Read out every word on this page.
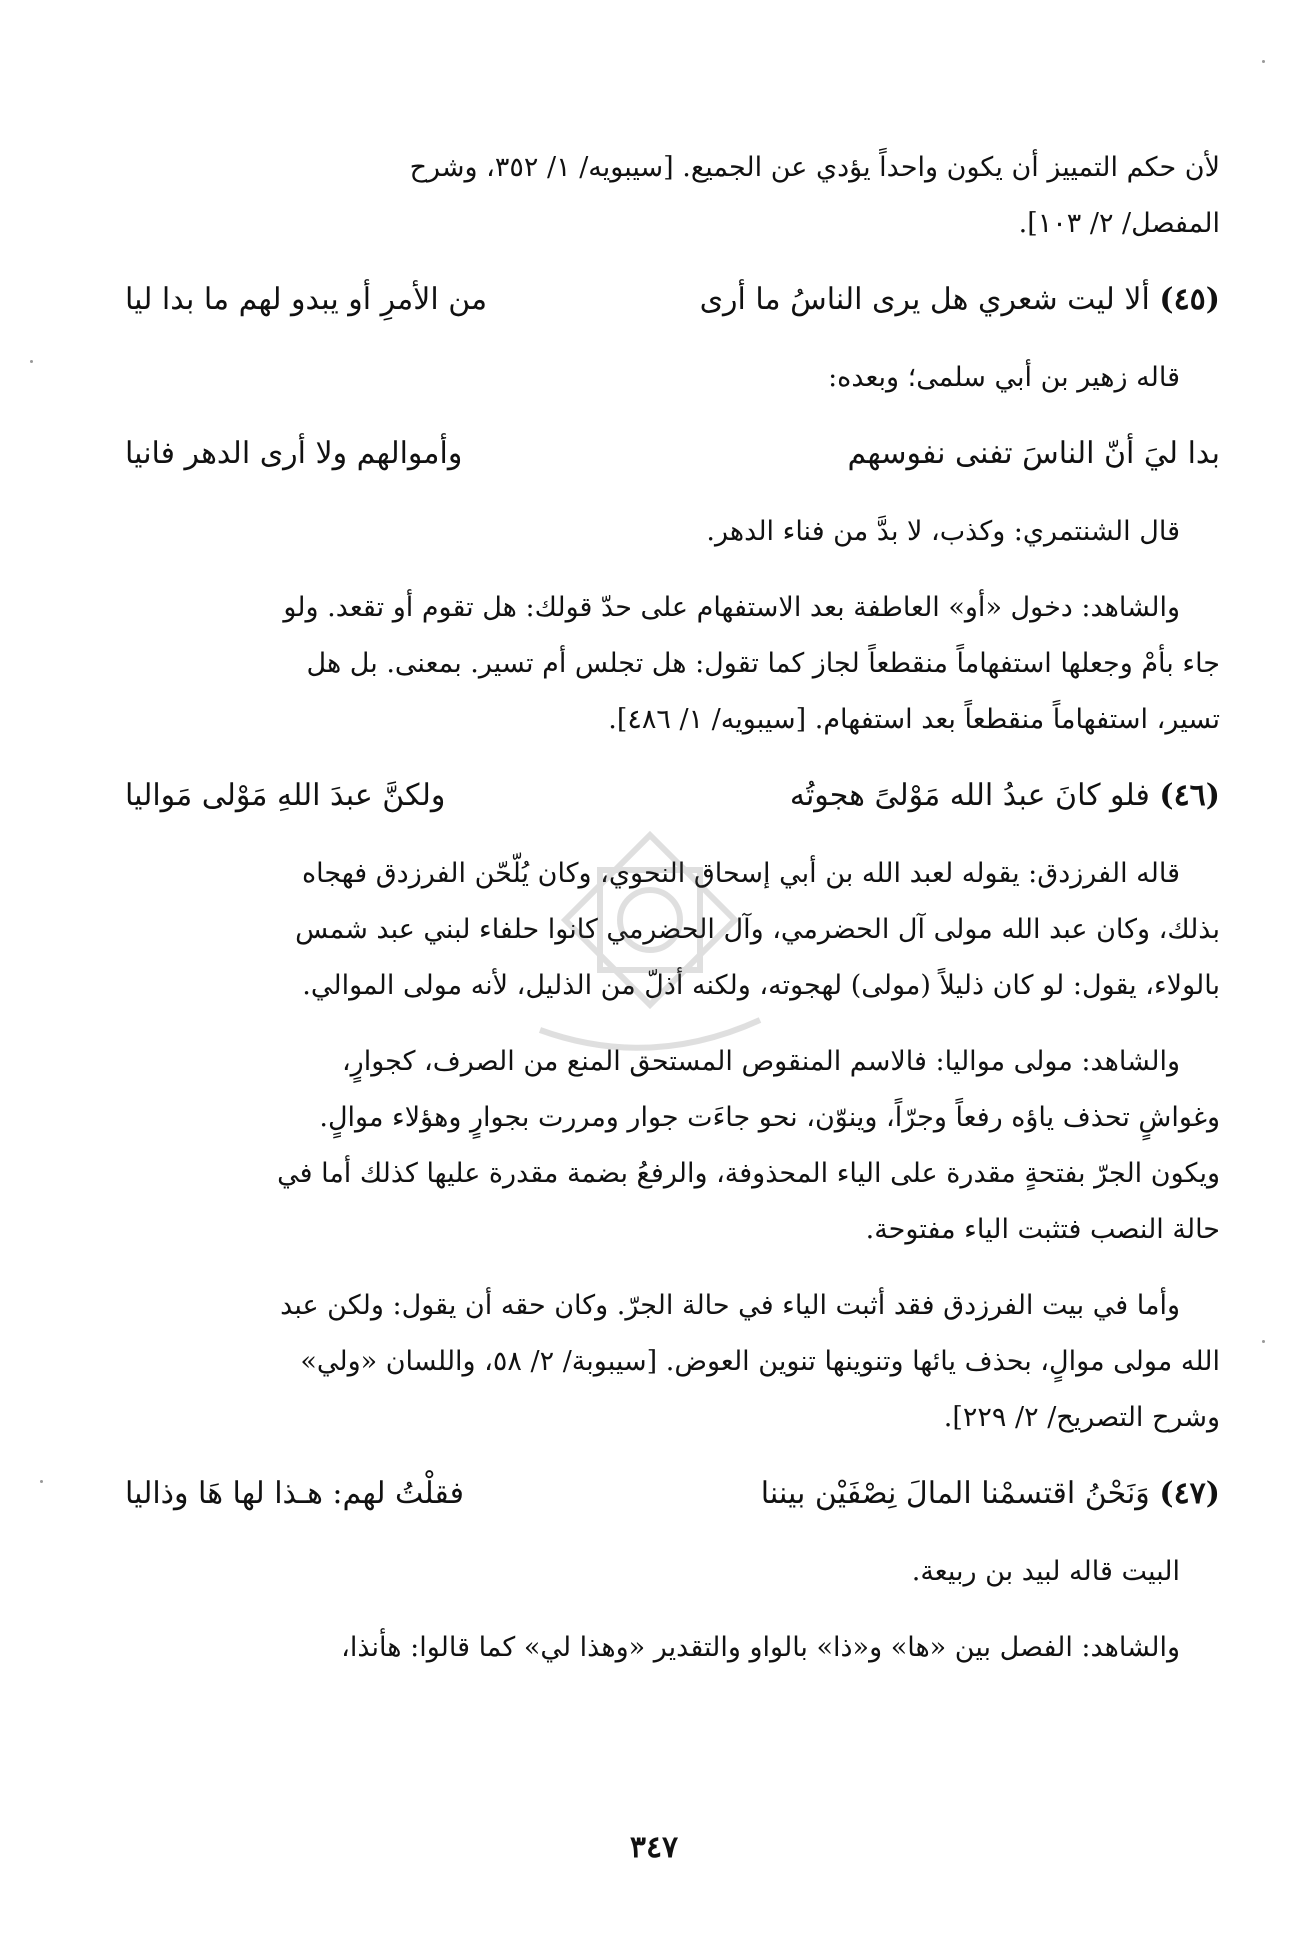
لأن حكم التمييز أن يكون واحداً يؤدي عن الجميع. [سيبويه/ ١/ ٣٥٢، وشرح
المفصل/ ٢/ ١٠٣].
(٤٥) ألا ليت شعري هل يرى الناسُ ما أرى
من الأمرِ أو يبدو لهم ما بدا ليا
قاله زهير بن أبي سلمى؛ وبعده:
بدا ليَ أنّ الناسَ تفنى نفوسهم
وأموالهم ولا أرى الدهر فانيا
قال الشنتمري: وكذب، لا بدَّ من فناء الدهر.
والشاهد: دخول «أو» العاطفة بعد الاستفهام على حدّ قولك: هل تقوم أو تقعد. ولو
جاء بأمْ وجعلها استفهاماً منقطعاً لجاز كما تقول: هل تجلس أم تسير. بمعنى. بل هل
تسير، استفهاماً منقطعاً بعد استفهام. [سيبويه/ ١/ ٤٨٦].
(٤٦) فلو كانَ عبدُ الله مَوْلىً هجوتُه
ولكنَّ عبدَ اللهِ مَوْلى مَواليا
قاله الفرزدق: يقوله لعبد الله بن أبي إسحاق النحوي، وكان يُلّحّن الفرزدق فهجاه
بذلك، وكان عبد الله مولى آل الحضرمي، وآل الحضرمي كانوا حلفاء لبني عبد شمس
بالولاء، يقول: لو كان ذليلاً (مولى) لهجوته، ولكنه أذلّ من الذليل، لأنه مولى الموالي.
والشاهد: مولى مواليا: فالاسم المنقوص المستحق المنع من الصرف، كجوارٍ،
وغواشٍ تحذف ياؤه رفعاً وجرّاً، وينوّن، نحو جاءَت جوار ومررت بجوارٍ وهؤلاء موالٍ.
ويكون الجرّ بفتحةٍ مقدرة على الياء المحذوفة، والرفعُ بضمة مقدرة عليها كذلك أما في
حالة النصب فتثبت الياء مفتوحة.
وأما في بيت الفرزدق فقد أثبت الياء في حالة الجرّ. وكان حقه أن يقول: ولكن عبد
الله مولى موالٍ، بحذف يائها وتنوينها تنوين العوض. [سيبوبة/ ٢/ ٥٨، واللسان «ولي»
وشرح التصريح/ ٢/ ٢٢٩].
(٤٧) وَنَحْنُ اقتسمْنا المالَ نِصْفَيْن بيننا
فقلْتُ لهم: هـذا لها هَا وذاليا
البيت قاله لبيد بن ربيعة.
والشاهد: الفصل بين «ها» و«ذا» بالواو والتقدير «وهذا لي» كما قالوا: هأنذا،
٣٤٧
